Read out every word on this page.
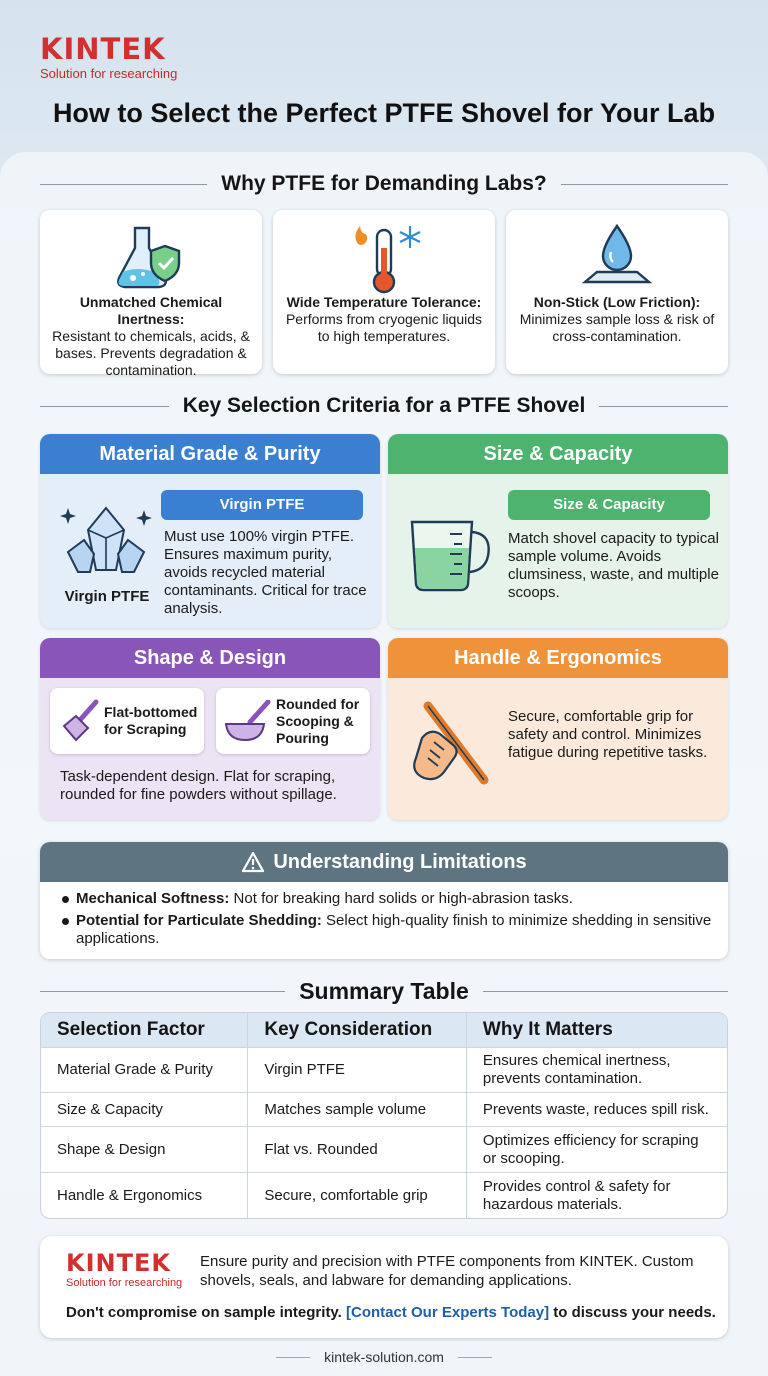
KINTEK
Solution for researching
How to Select the Perfect PTFE Shovel for Your Lab
Why PTFE for Demanding Labs?
Unmatched Chemical Inertness:
Resistant to chemicals, acids, & bases. Prevents degradation & contamination.
Wide Temperature Tolerance:
Performs from cryogenic liquids to high temperatures.
Non-Stick (Low Friction):
Minimizes sample loss & risk of cross-contamination.
Key Selection Criteria for a PTFE Shovel
Material Grade & Purity
Virgin PTFE
Virgin PTFE
Must use 100% virgin PTFE. Ensures maximum purity, avoids recycled material contaminants. Critical for trace analysis.
Size & Capacity
Size & Capacity
Match shovel capacity to typical sample volume. Avoids clumsiness, waste, and multiple scoops.
Shape & Design
Flat-bottomed for Scraping
Rounded for Scooping & Pouring
Task-dependent design. Flat for scraping, rounded for fine powders without spillage.
Handle & Ergonomics
Secure, comfortable grip for safety and control. Minimizes fatigue during repetitive tasks.
Understanding Limitations
Mechanical Softness: Not for breaking hard solids or high-abrasion tasks.
Potential for Particulate Shedding: Select high-quality finish to minimize shedding in sensitive applications.
Summary Table
Selection Factor	Key Consideration	Why It Matters
Material Grade & Purity	Virgin PTFE	Ensures chemical inertness, prevents contamination.
Size & Capacity	Matches sample volume	Prevents waste, reduces spill risk.
Shape & Design	Flat vs. Rounded	Optimizes efficiency for scraping or scooping.
Handle & Ergonomics	Secure, comfortable grip	Provides control & safety for hazardous materials.
KINTEK
Solution for researching
Ensure purity and precision with PTFE components from KINTEK. Custom shovels, seals, and labware for demanding applications.
Don't compromise on sample integrity. [Contact Our Experts Today] to discuss your needs.
kintek-solution.com
